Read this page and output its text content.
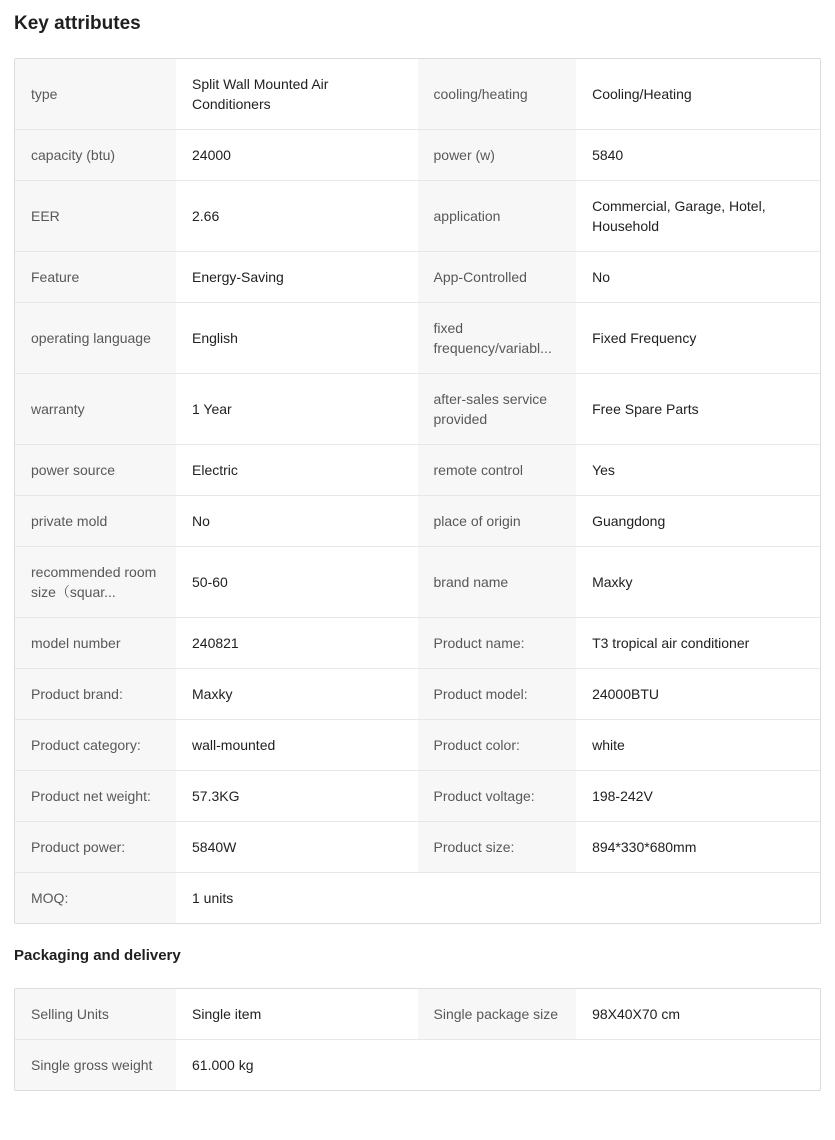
Key attributes
type	Split Wall Mounted Air Conditioners	cooling/heating	Cooling/Heating
capacity (btu)	24000	power (w)	5840
EER	2.66	application	Commercial, Garage, Hotel, Household
Feature	Energy-Saving	App-Controlled	No
operating language	English	fixed frequency/variabl...	Fixed Frequency
warranty	1 Year	after-sales service provided	Free Spare Parts
power source	Electric	remote control	Yes
private mold	No	place of origin	Guangdong
recommended room size（squar...	50-60	brand name	Maxky
model number	240821	Product name:	T3 tropical air conditioner
Product brand:	Maxky	Product model:	24000BTU
Product category:	wall-mounted	Product color:	white
Product net weight:	57.3KG	Product voltage:	198-242V
Product power:	5840W	Product size:	894*330*680mm
MOQ:	1 units		
Packaging and delivery
Selling Units	Single item	Single package size	98X40X70 cm
Single gross weight	61.000 kg		
